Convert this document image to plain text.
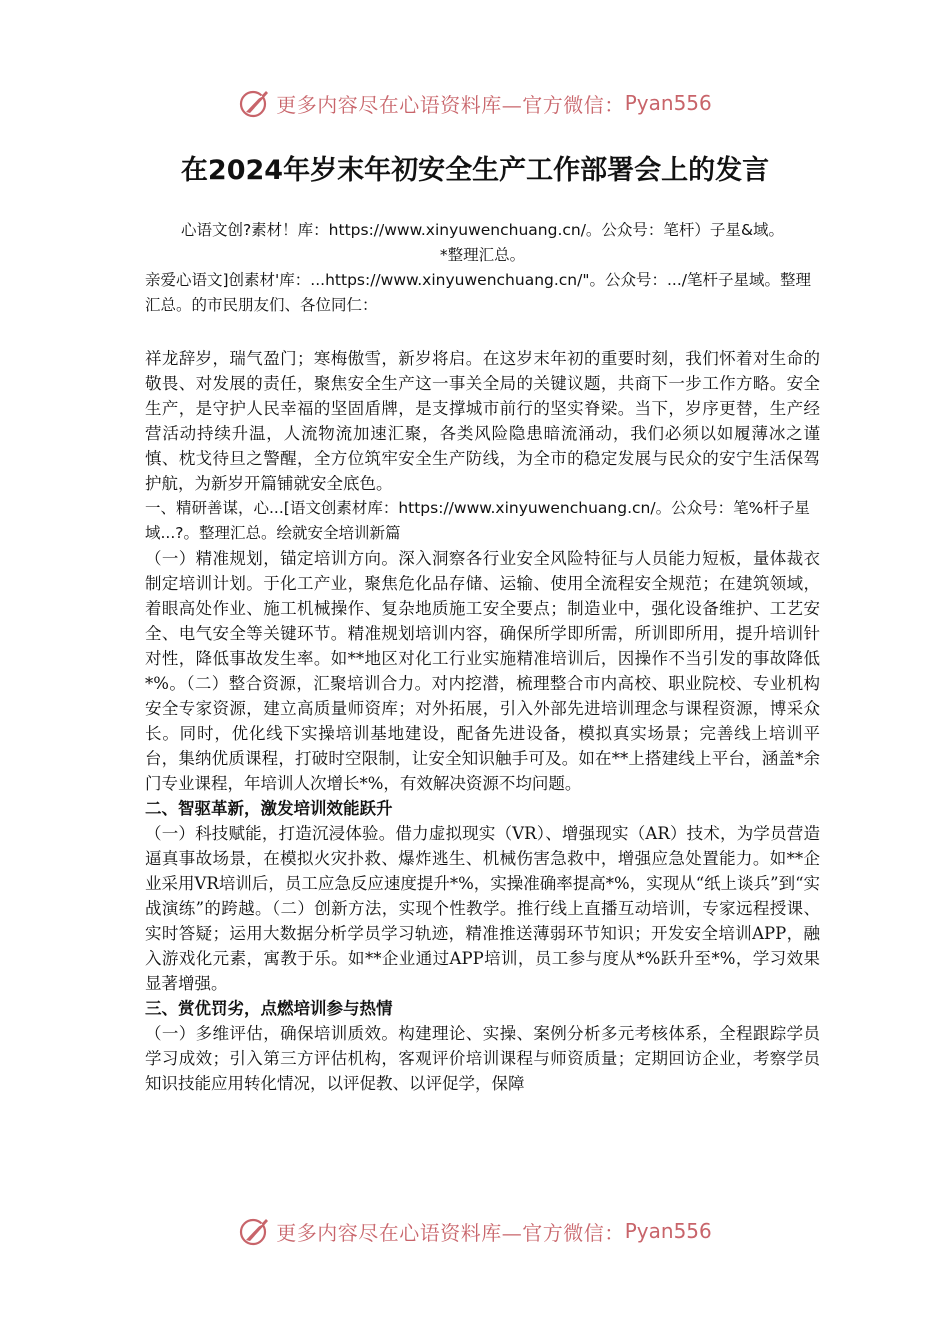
更多内容尽在心语资料库—官方微信： Pyan556
在2024年岁末年初安全生产工作部署会上的发言

心语文创?素材！库：https://www.xinyuwenchuang.cn/。公众号：笔杆）子星&域。

*整理汇总。

亲爱心语文]创素材'库：...https://www.xinyuwenchuang.cn/"。公众号：.../笔杆子星域。整理汇总。的市民朋友们、各位同仁：

祥龙辞岁，瑞气盈门；寒梅傲雪，新岁将启。在这岁末年初的重要时刻，我们怀着对生命的敬畏、对发展的责任，聚焦安全生产这一事关全局的关键议题，共商下一步工作方略。安全生产，是守护人民幸福的坚固盾牌，是支撑城市前行的坚实脊梁。当下，岁序更替，生产经营活动持续升温，人流物流加速汇聚，各类风险隐患暗流涌动，我们必须以如履薄冰之谨慎、枕戈待旦之警醒，全方位筑牢安全生产防线，为全市的稳定发展与民众的安宁生活保驾护航，为新岁开篇铺就安全底色。

一、精研善谋，心...[语文创素材库：https://www.xinyuwenchuang.cn/。公众号：笔%杆子星域...?。整理汇总。绘就安全培训新篇

（一）精准规划，锚定培训方向。深入洞察各行业安全风险特征与人员能力短板，量体裁衣制定培训计划。于化工产业，聚焦危化品存储、运输、使用全流程安全规范；在建筑领域，着眼高处作业、施工机械操作、复杂地质施工安全要点；制造业中，强化设备维护、工艺安全、电气安全等关键环节。精准规划培训内容，确保所学即所需，所训即所用，提升培训针对性，降低事故发生率。如**地区对化工行业实施精准培训后，因操作不当引发的事故降低*%。（二）整合资源，汇聚培训合力。对内挖潜，梳理整合市内高校、职业院校、专业机构安全专家资源，建立高质量师资库；对外拓展，引入外部先进培训理念与课程资源，博采众长。同时，优化线下实操培训基地建设，配备先进设备，模拟真实场景；完善线上培训平台，集纳优质课程，打破时空限制，让安全知识触手可及。如在**上搭建线上平台，涵盖*余门专业课程，年培训人次增长*%，有效解决资源不均问题。

二、智驱革新，激发培训效能跃升

（一）科技赋能，打造沉浸体验。借力虚拟现实（VR）、增强现实（AR）技术，为学员营造逼真事故场景，在模拟火灾扑救、爆炸逃生、机械伤害急救中，增强应急处置能力。如**企业采用VR培训后，员工应急反应速度提升*%，实操准确率提高*%，实现从“纸上谈兵”到“实战演练”的跨越。（二）创新方法，实现个性教学。推行线上直播互动培训，专家远程授课、实时答疑；运用大数据分析学员学习轨迹，精准推送薄弱环节知识；开发安全培训APP，融入游戏化元素，寓教于乐。如**企业通过APP培训，员工参与度从*%跃升至*%，学习效果显著增强。

三、赏优罚劣，点燃培训参与热情

（一）多维评估，确保培训质效。构建理论、实操、案例分析多元考核体系，全程跟踪学员学习成效；引入第三方评估机构，客观评价培训课程与师资质量；定期回访企业，考察学员知识技能应用转化情况，以评促教、以评促学，保障

更多内容尽在心语资料库—官方微信： Pyan556
